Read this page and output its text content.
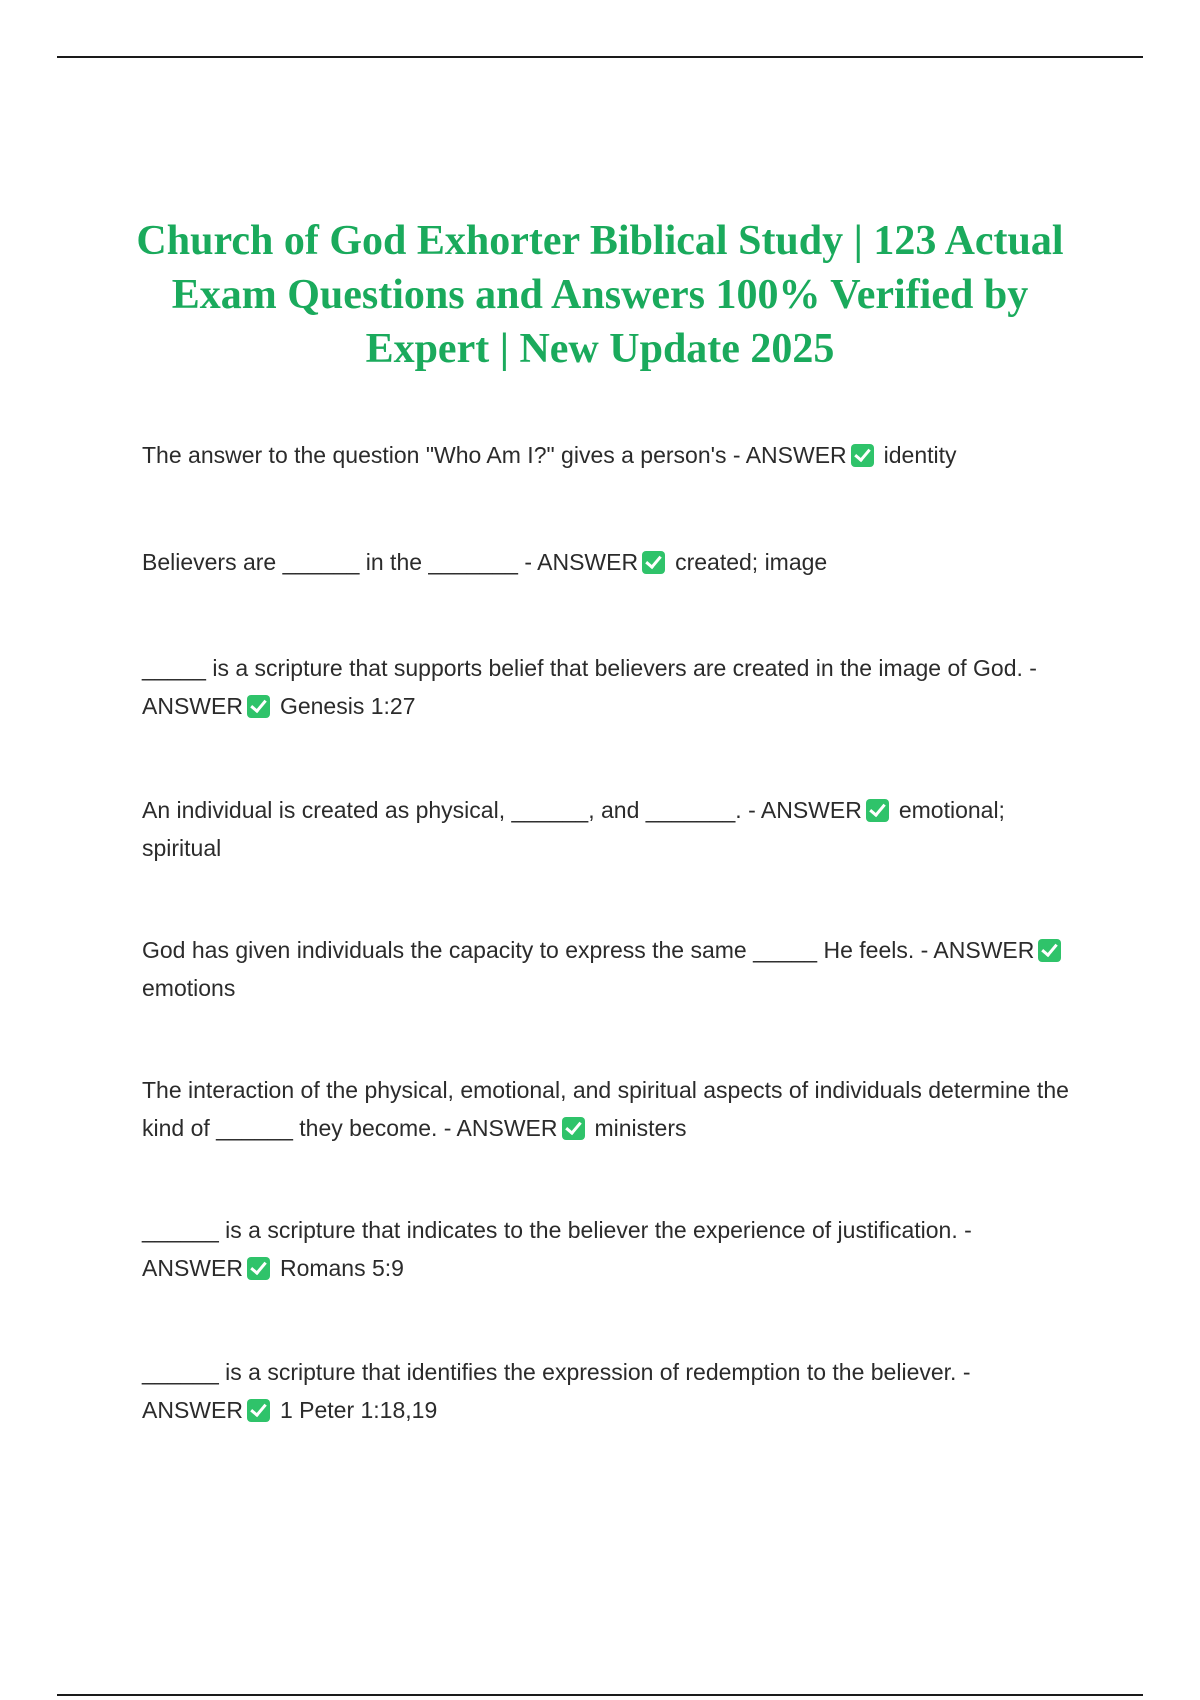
Church of God Exhorter Biblical Study | 123 Actual Exam Questions and Answers 100% Verified by Expert | New Update 2025
The answer to the question "Who Am I?" gives a person's - ANSWER identity
Believers are ______ in the _______ - ANSWER created; image
_____ is a scripture that supports belief that believers are created in the image of God. - ANSWER Genesis 1:27
An individual is created as physical, ______, and _______. - ANSWER emotional; spiritual
God has given individuals the capacity to express the same _____ He feels. - ANSWERemotions
The interaction of the physical, emotional, and spiritual aspects of individuals determine the kind of ______ they become. - ANSWER ministers
______ is a scripture that indicates to the believer the experience of justification. - ANSWER Romans 5:9
______ is a scripture that identifies the expression of redemption to the believer. - ANSWER 1 Peter 1:18,19
